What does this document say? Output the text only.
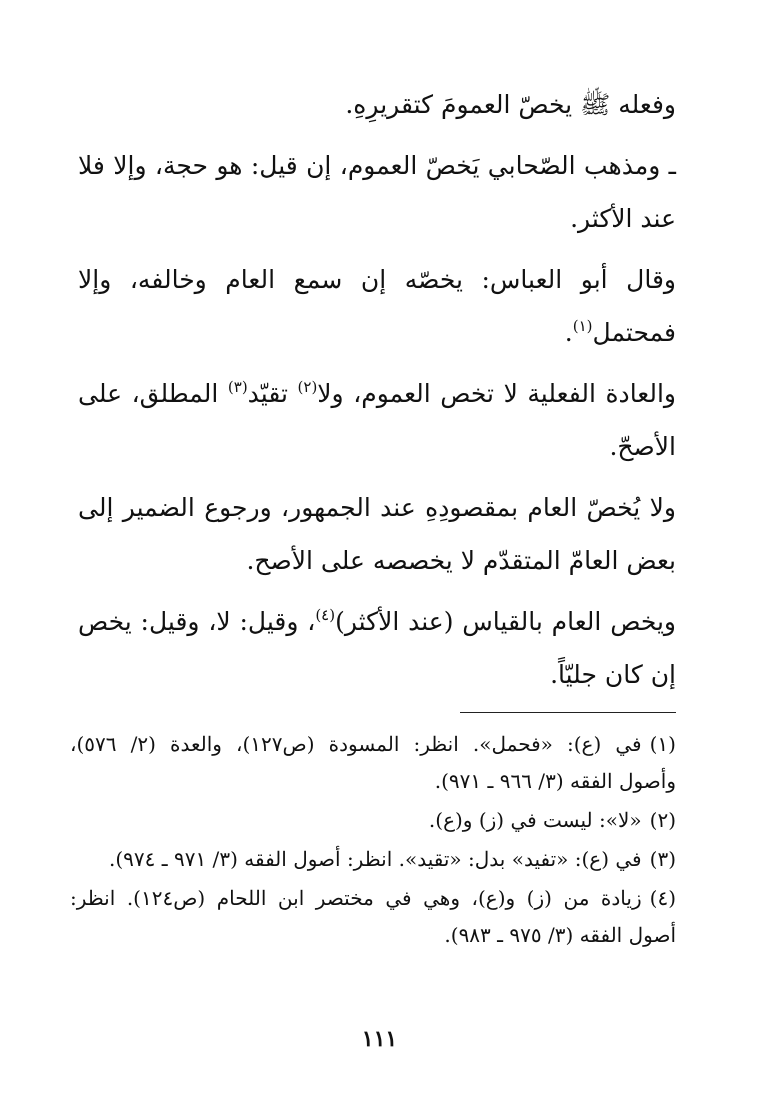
وفعله ﷺ يخصّ العمومَ كتقريرِهِ.

ـ ومذهب الصّحابي يَخصّ العموم، إن قيل: هو حجة، وإلا فلا عند الأكثر.

وقال أبو العباس: يخصّه إن سمع العام وخالفه، وإلا فمحتمل$^{(١)}$.

والعادة الفعلية لا تخص العموم، ولا$^{(٢)}$ تقيّد$^{(٣)}$ المطلق، على الأصحّ.

ولا يُخصّ العام بمقصودِهِ عند الجمهور، ورجوع الضمير إلى بعض العامّ المتقدّم لا يخصصه على الأصح.

ويخص العام بالقياس (عند الأكثر)$^{(٤)}$، وقيل: لا، وقيل: يخص إن كان جليّاً.

(١)في (ع): «فحمل». انظر: المسودة (ص١٢٧)، والعدة (٢/ ٥٧٦)، وأصول الفقه (٣/ ٩٦٦ ـ ٩٧١).

(٢)«لا»: ليست في (ز) و(ع).

(٣)في (ع): «تفيد» بدل: «تقيد». انظر: أصول الفقه (٣/ ٩٧١ ـ ٩٧٤).

(٤)زيادة من (ز) و(ع)، وهي في مختصر ابن اللحام (ص١٢٤). انظر: أصول الفقه (٣/ ٩٧٥ ـ ٩٨٣).

١١١
